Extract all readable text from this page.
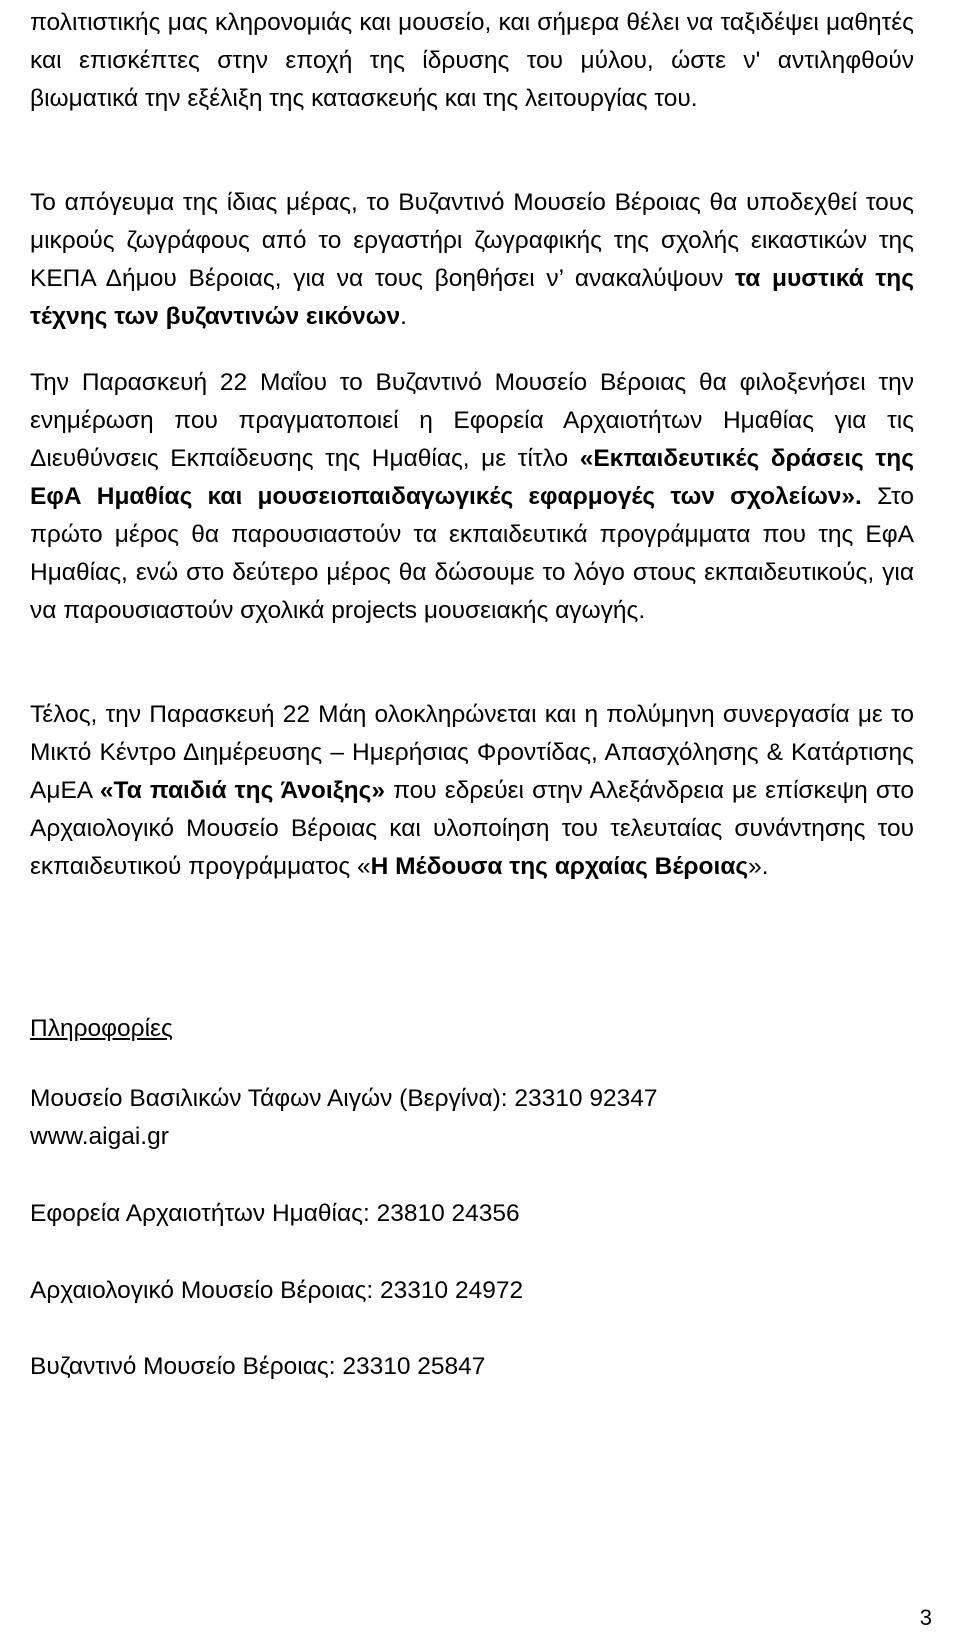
πολιτιστικής μας κληρονομιάς και μουσείο, και σήμερα θέλει να ταξιδέψει μαθητές και επισκέπτες στην εποχή της ίδρυσης του μύλου, ώστε ν' αντιληφθούν βιωματικά την εξέλιξη της κατασκευής και της λειτουργίας του.

Το απόγευμα της ίδιας μέρας, το Βυζαντινό Μουσείο Βέροιας θα υποδεχθεί τους μικρούς ζωγράφους από το εργαστήρι ζωγραφικής της σχολής εικαστικών της ΚΕΠΑ Δήμου Βέροιας, για να τους βοηθήσει ν’ ανακαλύψουν τα μυστικά της τέχνης των βυζαντινών εικόνων.

Την Παρασκευή 22 Μαΐου το Βυζαντινό Μουσείο Βέροιας θα φιλοξενήσει την ενημέρωση που πραγματοποιεί η Εφορεία Αρχαιοτήτων Ημαθίας για τις Διευθύνσεις Εκπαίδευσης της Ημαθίας, με τίτλο «Εκπαιδευτικές δράσεις της ΕφΑ Ημαθίας και μουσειοπαιδαγωγικές εφαρμογές των σχολείων». Στο πρώτο μέρος θα παρουσιαστούν τα εκπαιδευτικά προγράμματα που της ΕφΑ Ημαθίας, ενώ στο δεύτερο μέρος θα δώσουμε το λόγο στους εκπαιδευτικούς, για να παρουσιαστούν σχολικά projects μουσειακής αγωγής.

Τέλος, την Παρασκευή 22 Μάη ολοκληρώνεται και η πολύμηνη συνεργασία με το Μικτό Κέντρο Διημέρευσης – Ημερήσιας Φροντίδας, Απασχόλησης & Κατάρτισης ΑμΕΑ «Τα παιδιά της Άνοιξης» που εδρεύει στην Αλεξάνδρεια με επίσκεψη στο Αρχαιολογικό Μουσείο Βέροιας και υλοποίηση του τελευταίας συνάντησης του εκπαιδευτικού προγράμματος «Η Μέδουσα της αρχαίας Βέροιας».

Πληροφορίες
Μουσείο Βασιλικών Τάφων Αιγών (Βεργίνα): 23310 92347
www.aigai.gr
Εφορεία Αρχαιοτήτων Ημαθίας: 23810 24356
Αρχαιολογικό Μουσείο Βέροιας: 23310 24972
Βυζαντινό Μουσείο Βέροιας: 23310 25847
3
